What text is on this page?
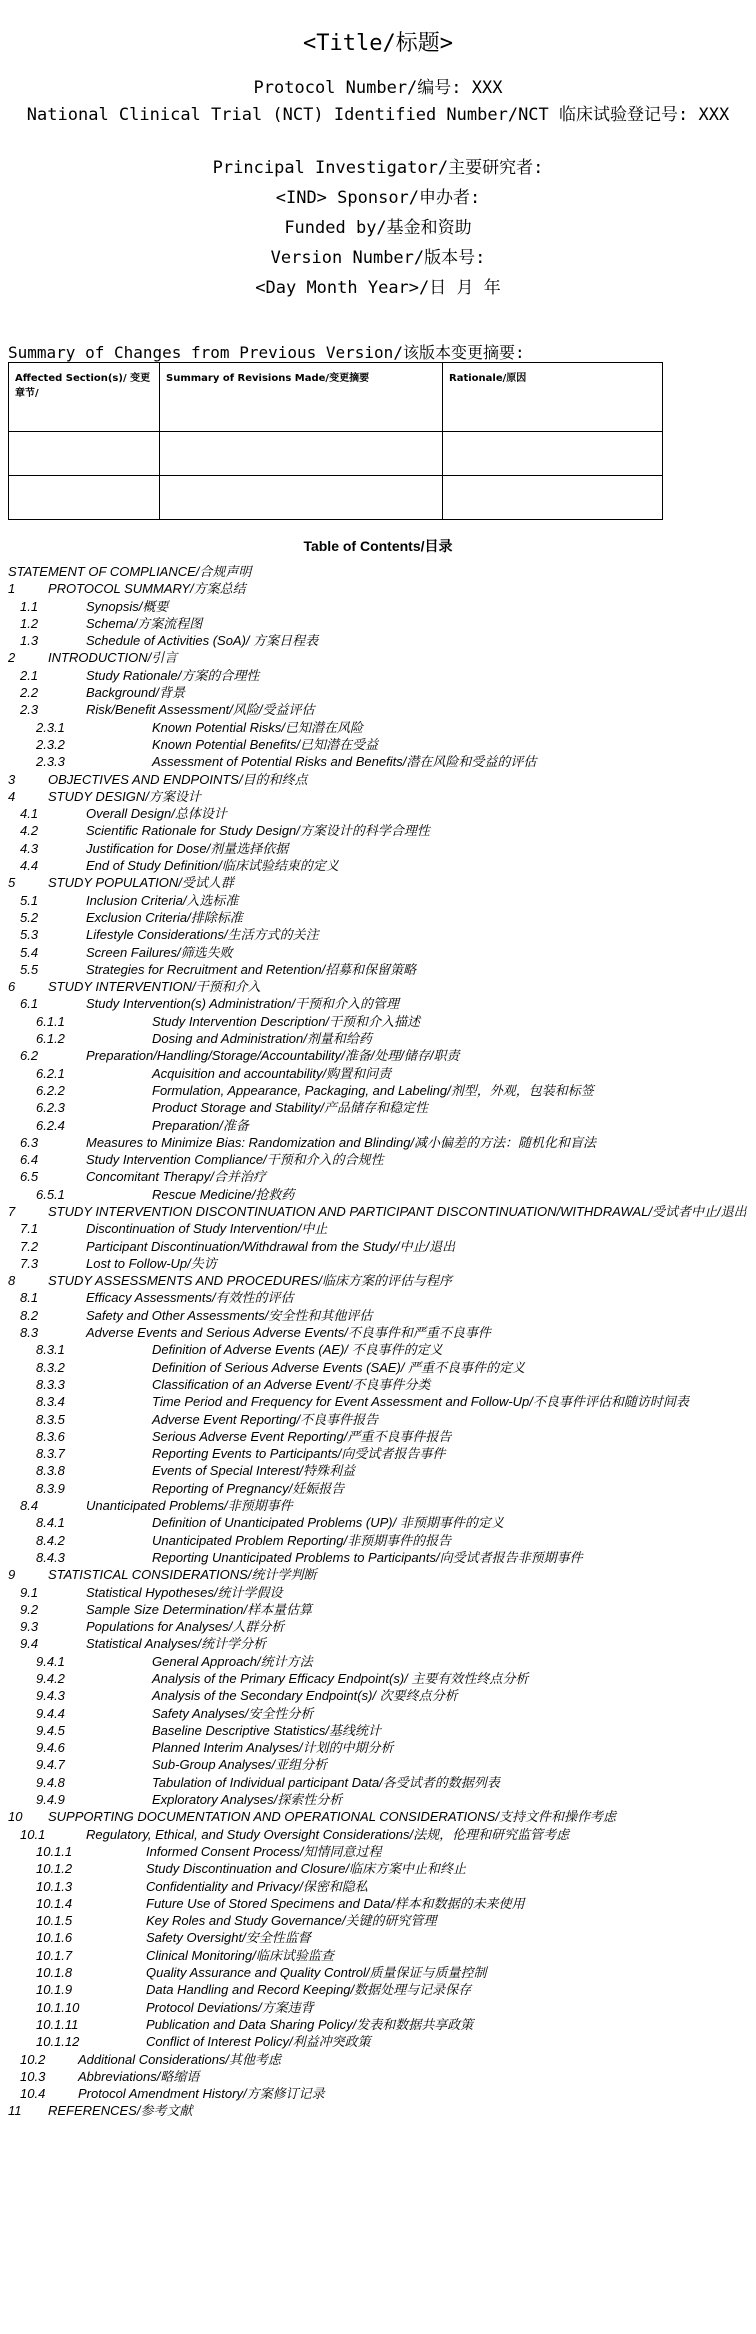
<Title/标题>
Protocol Number/编号: XXX
National Clinical Trial (NCT) Identified Number/NCT 临床试验登记号: XXX
Principal Investigator/主要研究者:
<IND> Sponsor/申办者:
Funded by/基金和资助
Version Number/版本号:
<Day Month Year>/日 月 年
Summary of Changes from Previous Version/该版本变更摘要:
Affected Section(s)/ 变更章节/	Summary of Revisions Made/变更摘要	Rationale/原因

Table of Contents/目录
STATEMENT OF COMPLIANCE/合规声明
1	PROTOCOL SUMMARY/方案总结
1.1	Synopsis/概要
1.2	Schema/方案流程图
1.3	Schedule of Activities (SoA)/ 方案日程表
2	INTRODUCTION/引言
2.1	Study Rationale/方案的合理性
2.2	Background/背景
2.3	Risk/Benefit Assessment/风险/受益评估
2.3.1	Known Potential Risks/已知潜在风险
2.3.2	Known Potential Benefits/已知潜在受益
2.3.3	Assessment of Potential Risks and Benefits/潜在风险和受益的评估
3	OBJECTIVES AND ENDPOINTS/目的和终点
4	STUDY DESIGN/方案设计
4.1	Overall Design/总体设计
4.2	Scientific Rationale for Study Design/方案设计的科学合理性
4.3	Justification for Dose/剂量选择依据
4.4	End of Study Definition/临床试验结束的定义
5	STUDY POPULATION/受试人群
5.1	Inclusion Criteria/入选标准
5.2	Exclusion Criteria/排除标准
5.3	Lifestyle Considerations/生活方式的关注
5.4	Screen Failures/筛选失败
5.5	Strategies for Recruitment and Retention/招募和保留策略
6	STUDY INTERVENTION/干预和介入
6.1	Study Intervention(s) Administration/干预和介入的管理
6.1.1	Study Intervention Description/干预和介入描述
6.1.2	Dosing and Administration/剂量和给药
6.2	Preparation/Handling/Storage/Accountability/准备/处理/储存/职责
6.2.1	Acquisition and accountability/购置和问责
6.2.2	Formulation, Appearance, Packaging, and Labeling/剂型，外观，包装和标签
6.2.3	Product Storage and Stability/产品储存和稳定性
6.2.4	Preparation/准备
6.3	Measures to Minimize Bias: Randomization and Blinding/减小偏差的方法：随机化和盲法
6.4	Study Intervention Compliance/干预和介入的合规性
6.5	Concomitant Therapy/合并治疗
6.5.1	Rescue Medicine/抢救药
7	STUDY INTERVENTION DISCONTINUATION AND PARTICIPANT DISCONTINUATION/WITHDRAWAL/受试者中止/退出
7.1	Discontinuation of Study Intervention/中止
7.2	Participant Discontinuation/Withdrawal from the Study/中止/退出
7.3	Lost to Follow-Up/失访
8	STUDY ASSESSMENTS AND PROCEDURES/临床方案的评估与程序
8.1	Efficacy Assessments/有效性的评估
8.2	Safety and Other Assessments/安全性和其他评估
8.3	Adverse Events and Serious Adverse Events/不良事件和严重不良事件
8.3.1	Definition of Adverse Events (AE)/ 不良事件的定义
8.3.2	Definition of Serious Adverse Events (SAE)/ 严重不良事件的定义
8.3.3	Classification of an Adverse Event/不良事件分类
8.3.4	Time Period and Frequency for Event Assessment and Follow-Up/不良事件评估和随访时间表
8.3.5	Adverse Event Reporting/不良事件报告
8.3.6	Serious Adverse Event Reporting/严重不良事件报告
8.3.7	Reporting Events to Participants/向受试者报告事件
8.3.8	Events of Special Interest/特殊利益
8.3.9	Reporting of Pregnancy/妊娠报告
8.4	Unanticipated Problems/非预期事件
8.4.1	Definition of Unanticipated Problems (UP)/ 非预期事件的定义
8.4.2	Unanticipated Problem Reporting/非预期事件的报告
8.4.3	Reporting Unanticipated Problems to Participants/向受试者报告非预期事件
9	STATISTICAL CONSIDERATIONS/统计学判断
9.1	Statistical Hypotheses/统计学假设
9.2	Sample Size Determination/样本量估算
9.3	Populations for Analyses/人群分析
9.4	Statistical Analyses/统计学分析
9.4.1	General Approach/统计方法
9.4.2	Analysis of the Primary Efficacy Endpoint(s)/ 主要有效性终点分析
9.4.3	Analysis of the Secondary Endpoint(s)/ 次要终点分析
9.4.4	Safety Analyses/安全性分析
9.4.5	Baseline Descriptive Statistics/基线统计
9.4.6	Planned Interim Analyses/计划的中期分析
9.4.7	Sub-Group Analyses/亚组分析
9.4.8	Tabulation of Individual participant Data/各受试者的数据列表
9.4.9	Exploratory Analyses/探索性分析
10	SUPPORTING DOCUMENTATION AND OPERATIONAL CONSIDERATIONS/支持文件和操作考虑
10.1	Regulatory, Ethical, and Study Oversight Considerations/法规，伦理和研究监管考虑
10.1.1	Informed Consent Process/知情同意过程
10.1.2	Study Discontinuation and Closure/临床方案中止和终止
10.1.3	Confidentiality and Privacy/保密和隐私
10.1.4	Future Use of Stored Specimens and Data/样本和数据的未来使用
10.1.5	Key Roles and Study Governance/关键的研究管理
10.1.6	Safety Oversight/安全性监督
10.1.7	Clinical Monitoring/临床试验监查
10.1.8	Quality Assurance and Quality Control/质量保证与质量控制
10.1.9	Data Handling and Record Keeping/数据处理与记录保存
10.1.10	Protocol Deviations/方案违背
10.1.11	Publication and Data Sharing Policy/发表和数据共享政策
10.1.12	Conflict of Interest Policy/利益冲突政策
10.2	Additional Considerations/其他考虑
10.3	Abbreviations/略缩语
10.4	Protocol Amendment History/方案修订记录
11	REFERENCES/参考文献
